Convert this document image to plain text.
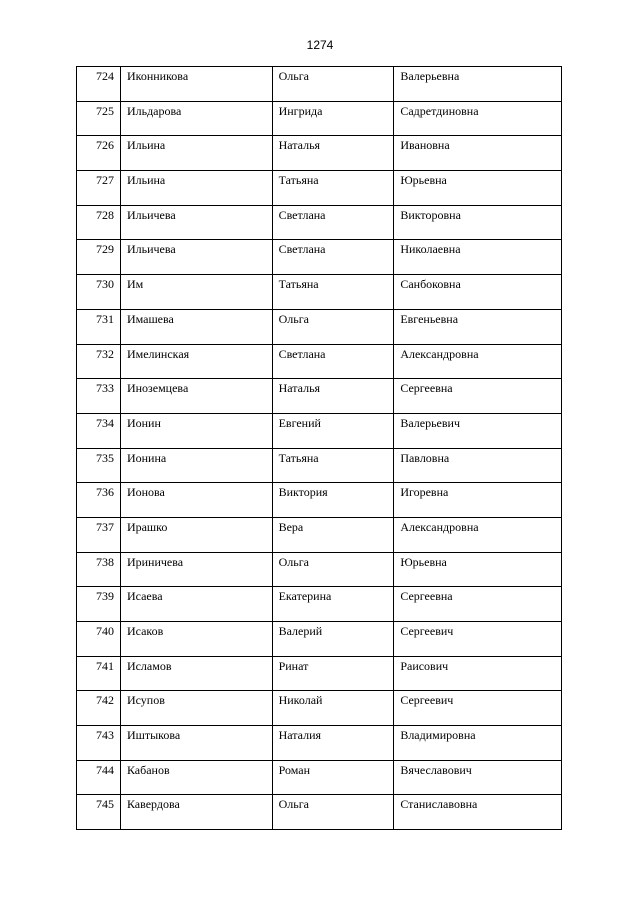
1274
724	Иконникова	Ольга	Валерьевна
725	Ильдарова	Ингрида	Садретдиновна
726	Ильина	Наталья	Ивановна
727	Ильина	Татьяна	Юрьевна
728	Ильичева	Светлана	Викторовна
729	Ильичева	Светлана	Николаевна
730	Им	Татьяна	Санбоковна
731	Имашева	Ольга	Евгеньевна
732	Имелинская	Светлана	Александровна
733	Иноземцева	Наталья	Сергеевна
734	Ионин	Евгений	Валерьевич
735	Ионина	Татьяна	Павловна
736	Ионова	Виктория	Игоревна
737	Ирашко	Вера	Александровна
738	Ириничева	Ольга	Юрьевна
739	Исаева	Екатерина	Сергеевна
740	Исаков	Валерий	Сергеевич
741	Исламов	Ринат	Раисович
742	Исупов	Николай	Сергеевич
743	Иштыкова	Наталия	Владимировна
744	Кабанов	Роман	Вячеславович
745	Кавердова	Ольга	Станиславовна
